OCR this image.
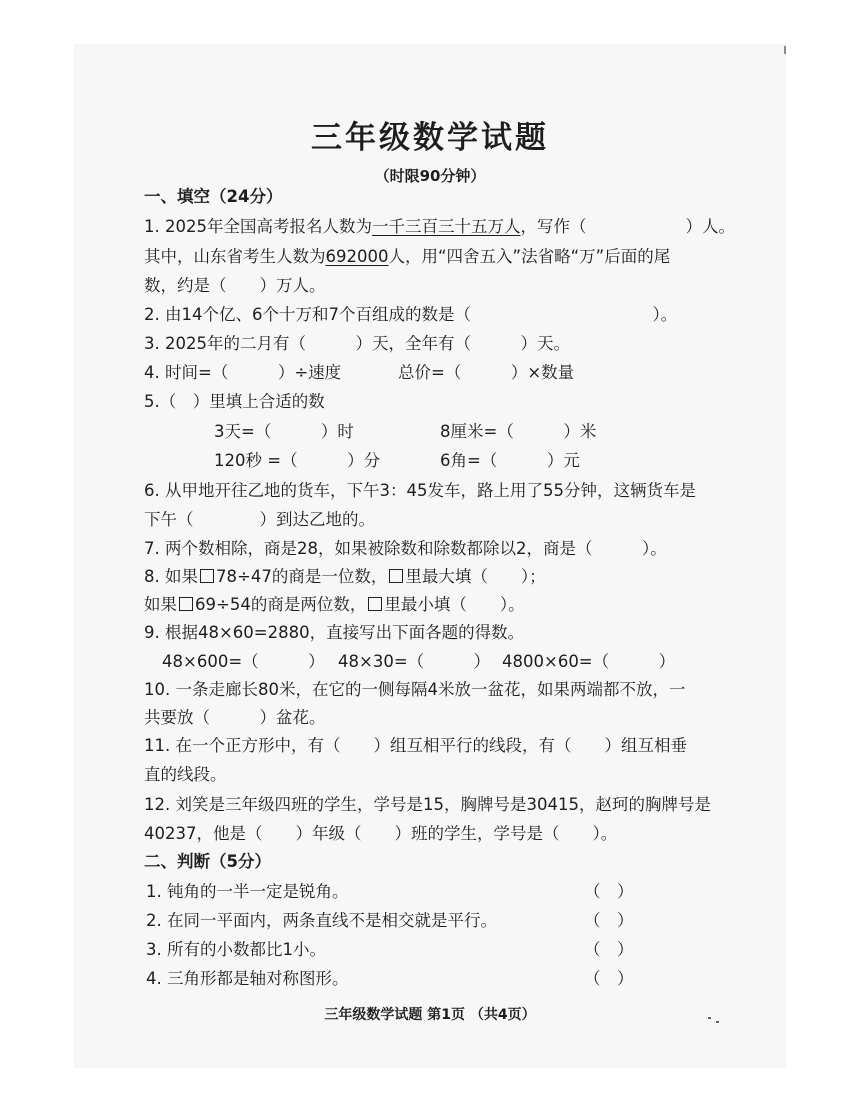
三年级数学试题
（时限90分钟）
一、填空（24分）
1. 2025年全国高考报名人数为一千三百三十五万人，写作（　　　　　　）人。
其中，山东省考生人数为692000人，用“四舍五入”法省略“万”后面的尾
数，约是（　　）万人。
2. 由14个亿、6个十万和7个百组成的数是（　　　　　　　　　　　）。
3. 2025年的二月有（　　　）天，全年有（　　　）天。
4. 时间=（　　　）÷速度	总价=（　　　）×数量
5.（　）里填上合适的数
3天=（　　　）时	8厘米=（　　　）米
120秒 =（　　　）分	6角=（　　　）元
6. 从甲地开往乙地的货车，下午3：45发车，路上用了55分钟，这辆货车是
下午（　　　　）到达乙地的。
7. 两个数相除，商是28，如果被除数和除数都除以2，商是（　　　）。
8. 如果 78÷47的商是一位数， 里最大填（　　）；
如果 69÷54的商是两位数， 里最小填（　　）。
9. 根据48×60=2880，直接写出下面各题的得数。
48×600=（　　　） 48×30=（　　　） 4800×60=（　　　）
10. 一条走廊长80米，在它的一侧每隔4米放一盆花，如果两端都不放，一
共要放（　　　）盆花。
11. 在一个正方形中，有（　　）组互相平行的线段，有（　　）组互相垂
直的线段。
12. 刘笑是三年级四班的学生，学号是15，胸牌号是30415，赵珂的胸牌号是
40237，他是（　　）年级（　　）班的学生，学号是（　　）。
二、判断（5分）
1. 钝角的一半一定是锐角。	（　）
2. 在同一平面内，两条直线不是相交就是平行。	（　）
3. 所有的小数都比1小。	（　）
4. 三角形都是轴对称图形。	（　）
三年级数学试题 第1页 （共4页）
